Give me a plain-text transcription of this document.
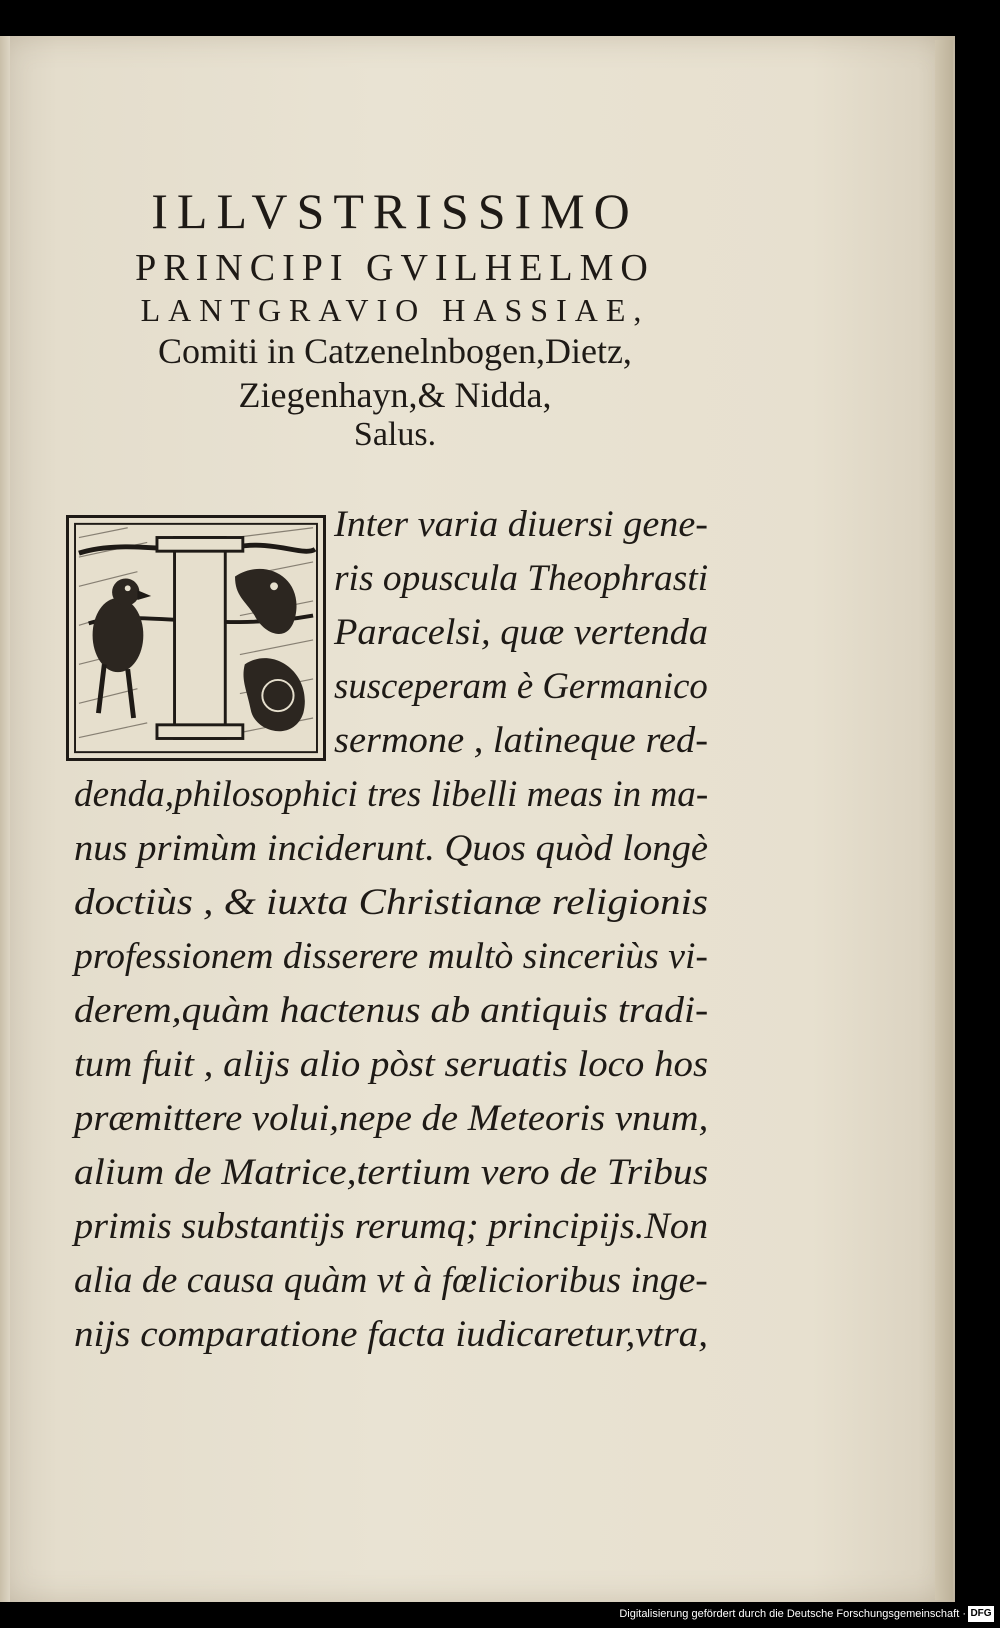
ILLVSTRISSIMO
PRINCIPI GVILHELMO
LANTGRAVIO HASSIAE,
Comiti in Catzenelnbogen,Dietz,
Ziegenhayn,& Nidda,
Salus.
Inter varia diuersi gene-
ris opuscula Theophrasti
Paracelsi, quæ vertenda
susceperam è Germanico
sermone , latineque red-
denda,philosophici tres libelli meas in ma-
nus primùm inciderunt. Quos quòd longè
doctiùs , & iuxta Christianæ religionis
professionem disserere multò sinceriùs vi-
derem,quàm hactenus ab antiquis tradi-
tum fuit , alijs alio pòst seruatis loco hos
præmittere volui,nepe de Meteoris vnum,
alium de Matrice,tertium vero de Tribus
primis substantijs rerumq; principijs.Non
alia de causa quàm vt à fœlicioribus inge-
nijs comparatione facta iudicaretur,vtra,
Digitalisierung gefördert durch die Deutsche Forschungsgemeinschaft · DFG
